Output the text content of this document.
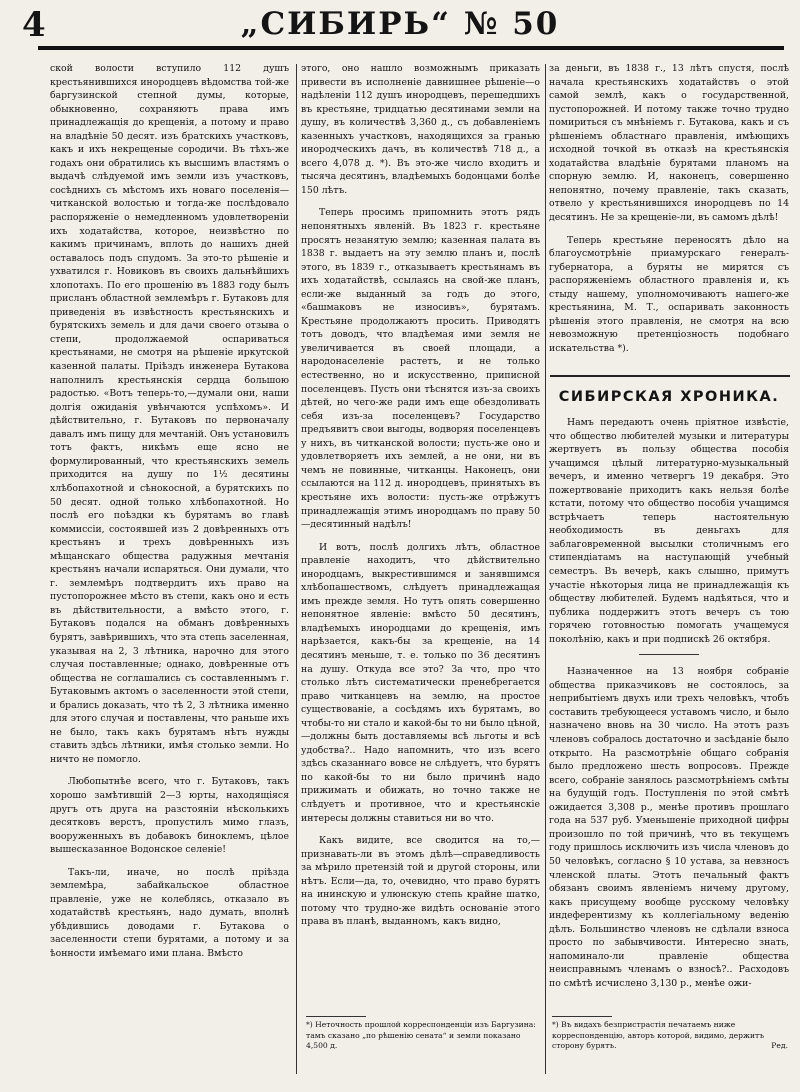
4	„СИБИРЬ“ № 50

ской волости вступило 112 душъ крестьянившихся инородцевъ вѣдомства той-же баргузинской степной думы, которые, обыкновенно, сохраняютъ права имъ принадлежащія до крещенія, а потому и право на владѣніе 50 десят. изъ братскихъ участковъ, какъ и ихъ некрещеные сородичи. Въ тѣхъ-же годахъ они обратились къ высшимъ властямъ о выдачѣ слѣдуемой имъ земли изъ участковъ, сосѣднихъ съ мѣстомъ ихъ новаго поселенія—читканской волостью и тогда-же послѣдовало распоряженіе о немедленномъ удовлетвореніи ихъ ходатайства, которое, неизвѣстно по какимъ причинамъ, вплоть до нашихъ дней оставалось подъ спудомъ. За это-то рѣшеніе и ухватился г. Новиковъ въ своихъ дальнѣйшихъ хлопотахъ. По его прошенію въ 1883 году былъ присланъ областной землемѣръ г. Бутаковъ для приведенія въ извѣстность крестьянскихъ и бурятскихъ земель и для дачи своего отзыва о степи, продолжаемой оспариваться крестьянами, не смотря на рѣшеніе иркутской казенной палаты. Пріѣздъ инженера Бутакова наполнилъ крестьянскія сердца большою радостью. «Вотъ теперь-то,—думали они, наши долгія ожиданія увѣнчаются успѣхомъ». И дѣйствительно, г. Бутаковъ по первоначалу давалъ имъ пищу для мечтаній. Онъ установилъ тотъ фактъ, никѣмъ еще ясно не формулированный, что крестьянскихъ земель приходится на душу по 1½ десятины хлѣбопахотной и сѣнокосной, а бурятскихъ по 50 десят. одной только хлѣбопахотной. Но послѣ его поѣздки къ бурятамъ во главѣ коммиссіи, состоявшей изъ 2 довѣренныхъ отъ крестьянъ и трехъ довѣренныхъ изъ мѣщанскаго общества радужныя мечтанія крестьянъ начали испаряться. Они думали, что г. землемѣръ подтвердитъ ихъ право на пустопорожнее мѣсто въ степи, какъ оно и есть въ дѣйствительности, а вмѣсто этого, г. Бутаковъ подался на обманъ довѣренныхъ бурятъ, завѣрившихъ, что эта степь заселенная, указывая на 2, 3 лѣтника, нарочно для этого случая поставленные; однако, довѣренные отъ общества не соглашались съ составленнымъ г. Бутаковымъ актомъ о заселенности этой степи, и брались доказать, что тѣ 2, 3 лѣтника именно для этого случая и поставлены, что раньше ихъ не было, такъ какъ бурятамъ нѣтъ нужды ставить здѣсь лѣтники, имѣя столько земли. Но ничто не помогло.

Любопытнѣе всего, что г. Бутаковъ, такъ хорошо замѣтившій 2—3 юрты, находящіяся другъ отъ друга на разстояніи нѣсколькихъ десятковъ верстъ, пропустилъ мимо глазъ, вооруженныхъ въ добавокъ биноклемъ, цѣлое вышесказанное Водонское селеніе!

Такъ-ли, иначе, но послѣ пріѣзда землемѣра, забайкальское областное правленіе, уже не колеблясь, отказало въ ходатайствѣ крестьянъ, надо думать, вполнѣ убѣдившись доводами г. Бутакова о заселенности степи бурятами, а потому и за ѣонности имѣемаго ими плана. Вмѣсто

этого, оно нашло возможнымъ приказать привести въ исполненіе давнишнее рѣшеніе—о надѣленіи 112 душъ инородцевъ, перешедшихъ въ крестьяне, тридцатью десятинами земли на душу, въ количествѣ 3,360 д., съ добавленіемъ казенныхъ участковъ, находящихся за гранью инородческихъ дачъ, въ количествѣ 718 д., а всего 4,078 д. *). Въ это-же число входитъ и тысяча десятинъ, владѣемыхъ бодонцами болѣе 150 лѣтъ.

Теперь просимъ припомнить этотъ рядъ непонятныхъ явленій. Въ 1823 г. крестьяне просятъ незанятую землю; казенная палата въ 1838 г. выдаетъ на эту землю планъ и, послѣ этого, въ 1839 г., отказываетъ крестьянамъ въ ихъ ходатайствѣ, ссылаясь на свой-же планъ, если-же выданный за годъ до этого, «башмаковъ не износивъ», бурятамъ. Крестьяне продолжаютъ просить. Приводятъ тотъ доводъ, что владѣемая ими земля не увеличивается въ своей площади, а народонаселеніе растетъ, и не только естественно, но и искусственно, приписной поселенцевъ. Пусть они тѣснятся изъ-за своихъ дѣтей, но чего-же ради имъ еще обездоливать себя изъ-за поселенцевъ? Государство предъявитъ свои выгоды, водворяя поселенцевъ у нихъ, въ читканской волости; пусть-же оно и удовлетворяетъ ихъ землей, а не они, ни въ чемъ не повинные, читканцы. Наконецъ, они ссылаются на 112 д. инородцевъ, принятыхъ въ крестьяне ихъ волости: пусть-же отрѣжутъ принадлежащія этимъ инородцамъ по праву 50—десятинный надѣлъ!

И вотъ, послѣ долгихъ лѣтъ, областное правленіе находитъ, что дѣйствительно инородцамъ, выкрестившимся и занявшимся хлѣбопашествомъ, слѣдуетъ принадлежащая имъ прежде земля. Но тутъ опять совершенно непонятное явленіе: вмѣсто 50 десятинъ, владѣемыхъ инородцами до крещенія, имъ нарѣзается, какъ-бы за крещеніе, на 14 десятинъ меньше, т. е. только по 36 десятинъ на душу. Откуда все это? За что, про что столько лѣтъ систематически пренебрегается право читканцевъ на землю, на простое существованіе, а сосѣдямъ ихъ бурятамъ, во чтобы-то ни стало и какой-бы то ни было цѣной,—должны быть доставляемы всѣ льготы и всѣ удобства?.. Надо напомнить, что изъ всего здѣсь сказаннаго вовсе не слѣдуетъ, что бурятъ по какой-бы то ни было причинѣ надо прижимать и обижать, но точно также не слѣдуетъ и противное, что и крестьянскіе интересы должны ставиться ни во что.

Какъ видите, все сводится на то,—признавать-ли въ этомъ дѣлѣ—справедливость за мѣрило претензій той и другой стороны, или нѣтъ. Если—да, то, очевидно, что право бурятъ на ининскую и улюнскую степь крайне шатко, потому что трудно-же видѣть основаніе этого права въ планѣ, выданномъ, какъ видно,

*) Неточность прошлой корреспонденціи изъ Баргузина: тамъ сказано „по рѣшенію сената“ и земли показано 4,500 д.

за деньги, въ 1838 г., 13 лѣтъ спустя, послѣ начала крестьянскихъ ходатайствъ о этой самой землѣ, какъ о государственной, пустопорожней. И потому также точно трудно помириться съ мнѣніемъ г. Бутакова, какъ и съ рѣшеніемъ областнаго правленія, имѣющихъ исходной точкой въ отказѣ на крестьянскія ходатайства владѣніе бурятами планомъ на спорную землю. И, наконецъ, совершенно непонятно, почему правленіе, такъ сказать, отвело у крестьянившихся инородцевъ по 14 десятинъ. Не за крещеніе-ли, въ самомъ дѣлѣ!

Теперь крестьяне переносятъ дѣло на благоусмотрѣніе приамурскаго генералъ-губернатора, а буряты не мирятся съ распоряженіемъ областного правленія и, къ стыду нашему, уполномочиваютъ нашего-же крестьянина, М. Т., оспаривать законность рѣшенія этого правленія, не смотря на всю невозможную претенціозность подобнаго искательства *).

СИБИРСКАЯ ХРОНИКА.

Намъ передаютъ очень пріятное извѣстіе, что общество любителей музыки и литературы жертвуетъ въ пользу общества пособія учащимся цѣлый литературно-музыкальный вечеръ, и именно четвергъ 19 декабря. Это пожертвованіе приходитъ какъ нельзя болѣе кстати, потому что общество пособія учащимся встрѣчаетъ теперь настоятельную необходимость въ деньгахъ для заблаговременной высылки столичнымъ его стипендіатамъ на наступающій учебный семестръ. Въ вечерѣ, какъ слышно, примутъ участіе нѣкоторыя лица не принадлежащія къ обществу любителей. Будемъ надѣяться, что и публика поддержитъ этотъ вечеръ съ тою горячею готовностью помогать учащемуся поколѣнію, какъ и при подпискѣ 26 октября.

Назначенное на 13 ноября собраніе общества приказчиковъ не состоялось, за неприбытіемъ двухъ или трехъ человѣкъ, чтобъ составить требующееся уставомъ число, и было назначено вновь на 30 число. На этотъ разъ членовъ собралось достаточно и засѣданіе было открыто. На разсмотрѣніе общаго собранія было предложено шесть вопросовъ. Прежде всего, собраніе занялось разсмотрѣніемъ смѣты на будущій годъ. Поступленія по этой смѣтѣ ожидается 3,308 р., менѣе противъ прошлаго года на 537 руб. Уменьшеніе приходной цифры произошло по той причинѣ, что въ текущемъ году пришлось исключить изъ числа членовъ до 50 человѣкъ, согласно § 10 устава, за невзносъ членской платы. Этотъ печальный фактъ обязанъ своимъ явленіемъ ничему другому, какъ присущему вообще русскому человѣку индеферентизму къ коллегіальному веденію дѣлъ. Большинство членовъ не сдѣлали взноса просто по забывчивости. Интересно знать, напоминало-ли правленіе общества неисправнымъ членамъ о взносѣ?.. Расходовъ по смѣтѣ исчислено 3,130 р., менѣе ожи-

*) Въ видахъ безпристрастія печатаемъ ниже корреспонденцію, авторъ которой, видимо, держитъ сторону бурятъ.	Ред.
